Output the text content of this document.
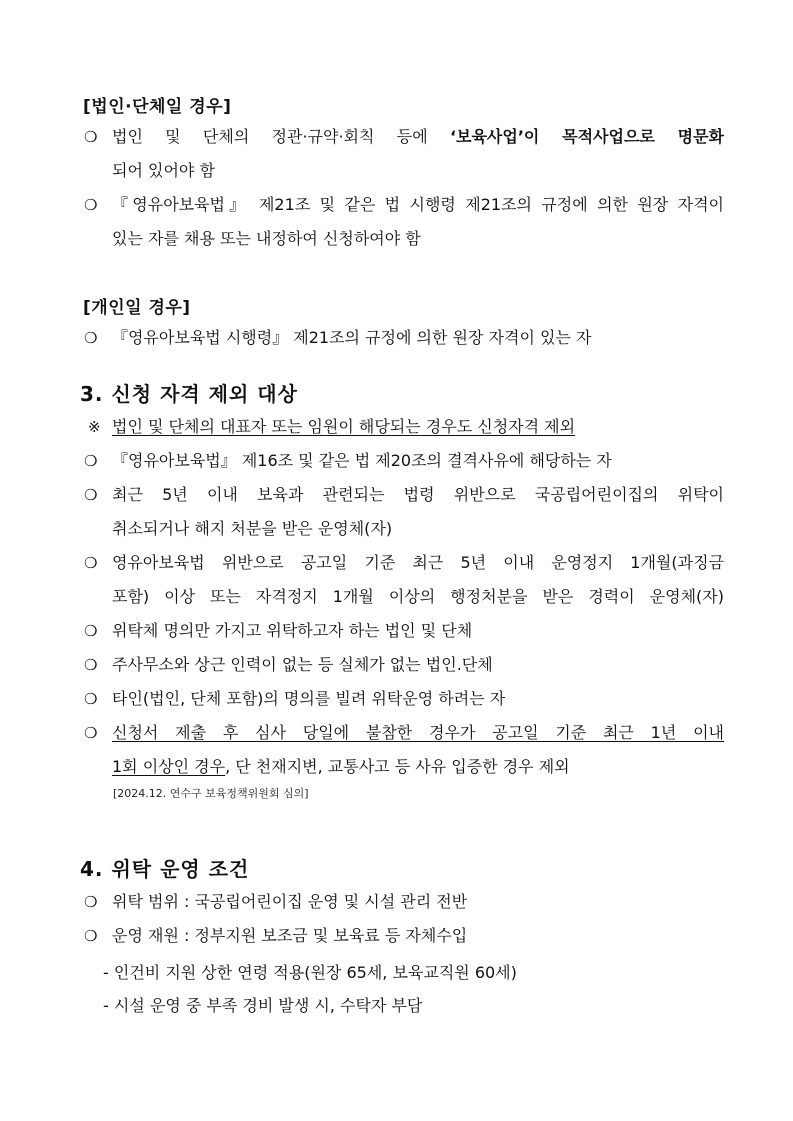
[법인·단체일 경우]
❍ 법인 및 단체의 정관·규약·회칙 등에 ‘보육사업’이 목적사업으로 명문화
되어 있어야 함
❍ 『영유아보육법』 제21조 및 같은 법 시행령 제21조의 규정에 의한 원장 자격이
있는 자를 채용 또는 내정하여 신청하여야 함
[개인일 경우]
❍ 『영유아보육법 시행령』 제21조의 규정에 의한 원장 자격이 있는 자
3. 신청 자격 제외 대상
※ 법인 및 단체의 대표자 또는 임원이 해당되는 경우도 신청자격 제외
❍ 『영유아보육법』 제16조 및 같은 법 제20조의 결격사유에 해당하는 자
❍ 최근 5년 이내 보육과 관련되는 법령 위반으로 국공립어린이집의 위탁이
취소되거나 해지 처분을 받은 운영체(자)
❍ 영유아보육법 위반으로 공고일 기준 최근 5년 이내 운영정지 1개월(과징금
포함) 이상 또는 자격정지 1개월 이상의 행정처분을 받은 경력이 운영체(자)
❍ 위탁체 명의만 가지고 위탁하고자 하는 법인 및 단체
❍ 주사무소와 상근 인력이 없는 등 실체가 없는 법인.단체
❍ 타인(법인, 단체 포함)의 명의를 빌려 위탁운영 하려는 자
❍ 신청서 제출 후 심사 당일에 불참한 경우가 공고일 기준 최근 1년 이내
1회 이상인 경우, 단 천재지변, 교통사고 등 사유 입증한 경우 제외
[2024.12. 연수구 보육정책위원회 심의]
4. 위탁 운영 조건
❍ 위탁 범위 : 국공립어린이집 운영 및 시설 관리 전반
❍ 운영 재원 : 정부지원 보조금 및 보육료 등 자체수입
- 인건비 지원 상한 연령 적용(원장 65세, 보육교직원 60세)
- 시설 운영 중 부족 경비 발생 시, 수탁자 부담
